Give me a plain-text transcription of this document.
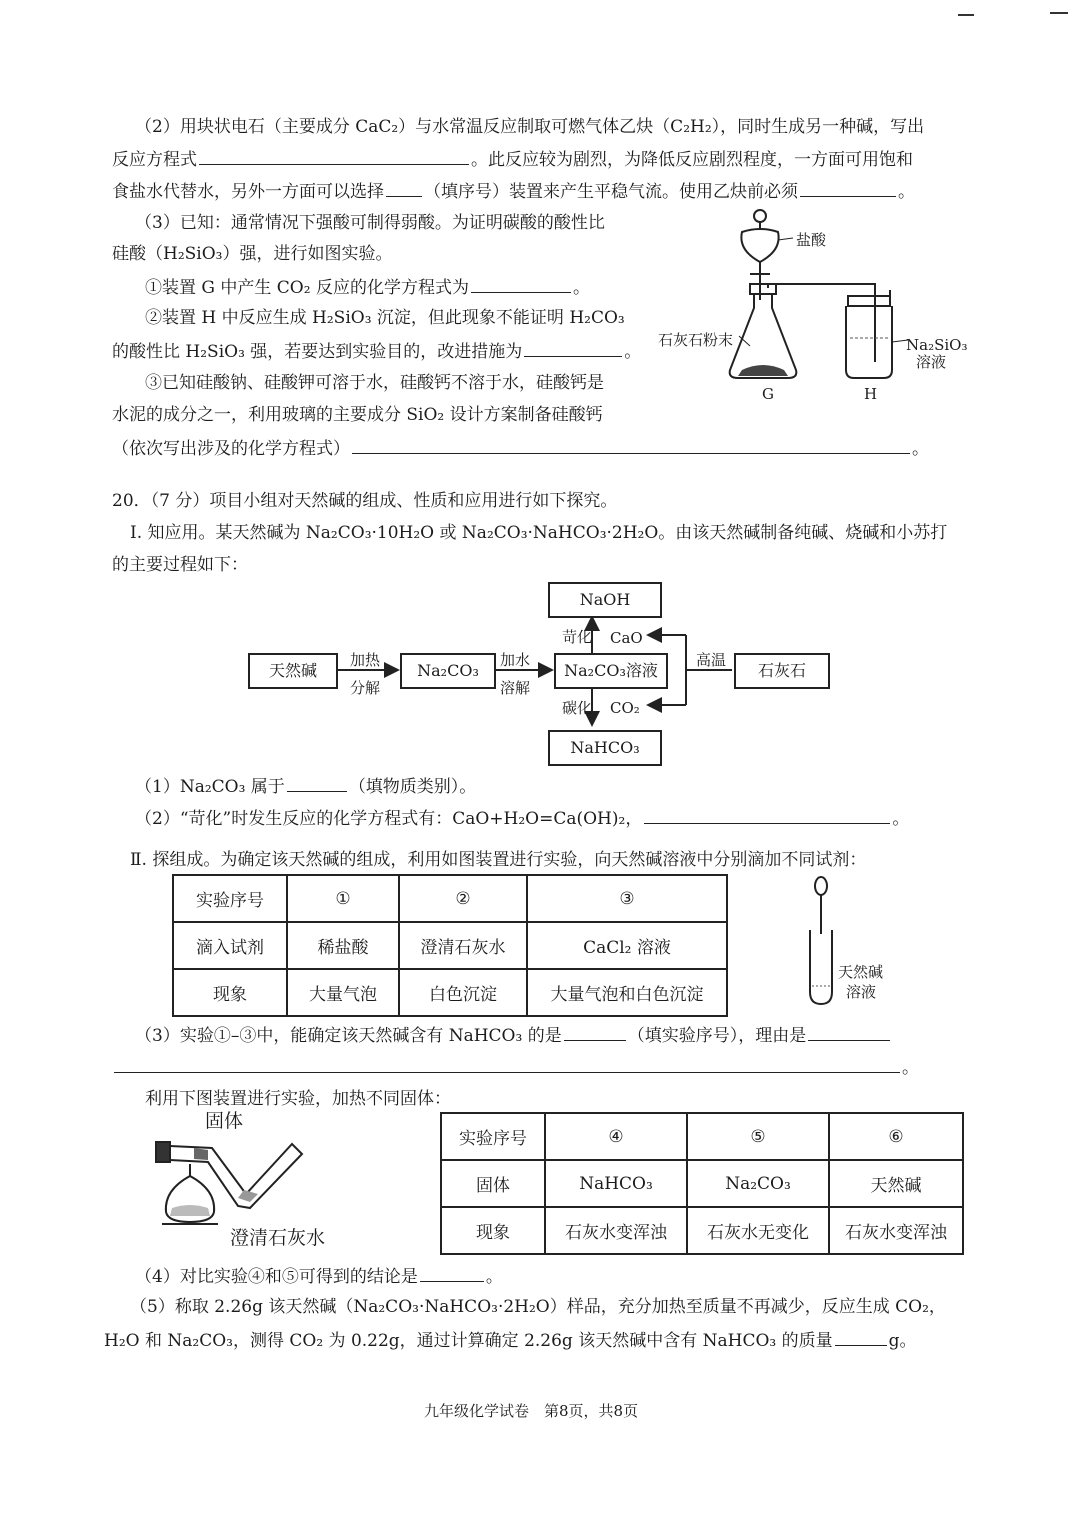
（2）用块状电石（主要成分 CaC₂）与水常温反应制取可燃气体乙炔（C₂H₂），同时生成另一种碱，写出
反应方程式	。此反应较为剧烈，为降低反应剧烈程度，一方面可用饱和
食盐水代替水，另外一方面可以选择 （填序号）装置来产生平稳气流。使用乙炔前必须	。
（3）已知：通常情况下强酸可制得弱酸。为证明碳酸的酸性比
硅酸（H₂SiO₃）强，进行如图实验。
①装置 G 中产生 CO₂ 反应的化学方程式为	。
②装置 H 中反应生成 H₂SiO₃ 沉淀，但此现象不能证明 H₂CO₃
的酸性比 H₂SiO₃ 强，若要达到实验目的，改进措施为	。
③已知硅酸钠、硅酸钾可溶于水，硅酸钙不溶于水，硅酸钙是
水泥的成分之一，利用玻璃的主要成分 SiO₂ 设计方案制备硅酸钙
（依次写出涉及的化学方程式）	。
盐酸
石灰石粉末	Na₂SiO₃
溶液
G	H
20．（7 分）项目小组对天然碱的组成、性质和应用进行如下探究。
Ⅰ. 知应用。某天然碱为 Na₂CO₃·10H₂O 或 Na₂CO₃·NaHCO₃·2H₂O。由该天然碱制备纯碱、烧碱和小苏打
的主要过程如下：
天然碱	Na₂CO₃	Na₂CO₃溶液	石灰石
NaOH
NaHCO₃
加热
分解
加水
溶解
苛化 CaO
碳化 CO₂
高温
（1）Na₂CO₃ 属于	（填物质类别）。
（2）“苛化”时发生反应的化学方程式有：CaO+H₂O=Ca(OH)₂，	。
Ⅱ. 探组成。为确定该天然碱的组成，利用如图装置进行实验，向天然碱溶液中分别滴加不同试剂：
实验序号	①	②	③
滴入试剂	稀盐酸	澄清石灰水	CaCl₂ 溶液
现象	大量气泡	白色沉淀	大量气泡和白色沉淀
天然碱
溶液
（3）实验①–③中，能确定该天然碱含有 NaHCO₃ 的是	（填实验序号），理由是
。
利用下图装置进行实验，加热不同固体：
固体
澄清石灰水
实验序号	④	⑤	⑥
固体	NaHCO₃	Na₂CO₃	天然碱
现象	石灰水变浑浊	石灰水无变化	石灰水变浑浊
（4）对比实验④和⑤可得到的结论是	。
（5）称取 2.26g 该天然碱（Na₂CO₃·NaHCO₃·2H₂O）样品，充分加热至质量不再减少，反应生成 CO₂，
H₂O 和 Na₂CO₃，测得 CO₂ 为 0.22g，通过计算确定 2.26g 该天然碱中含有 NaHCO₃ 的质量	g。
九年级化学试卷　第8页，共8页
